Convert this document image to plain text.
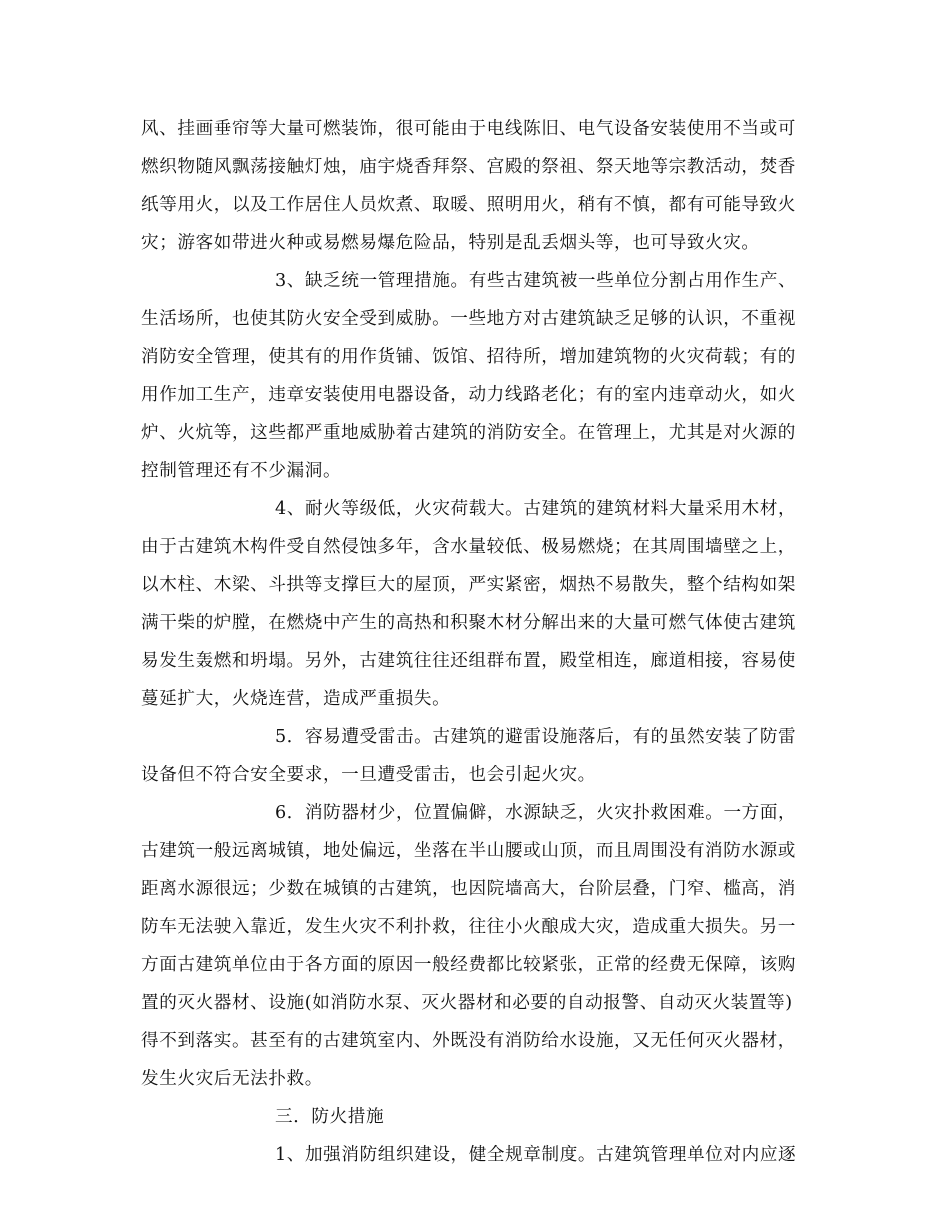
风、挂画垂帘等大量可燃装饰，很可能由于电线陈旧、电气设备安装使用不当或可
燃织物随风飘荡接触灯烛，庙宇烧香拜祭、宫殿的祭祖、祭天地等宗教活动，焚香
纸等用火，以及工作居住人员炊煮、取暖、照明用火，稍有不慎，都有可能导致火
灾；游客如带进火种或易燃易爆危险品，特别是乱丢烟头等，也可导致火灾。
3、缺乏统一管理措施。有些古建筑被一些单位分割占用作生产、
生活场所，也使其防火安全受到威胁。一些地方对古建筑缺乏足够的认识，不重视
消防安全管理，使其有的用作货铺、饭馆、招待所，增加建筑物的火灾荷载；有的
用作加工生产，违章安装使用电器设备，动力线路老化；有的室内违章动火，如火
炉、火炕等，这些都严重地威胁着古建筑的消防安全。在管理上，尤其是对火源的
控制管理还有不少漏洞。
4、耐火等级低，火灾荷载大。古建筑的建筑材料大量采用木材，
由于古建筑木构件受自然侵蚀多年，含水量较低、极易燃烧；在其周围墙壁之上，
以木柱、木梁、斗拱等支撑巨大的屋顶，严实紧密，烟热不易散失，整个结构如架
满干柴的炉膛，在燃烧中产生的高热和积聚木材分解出来的大量可燃气体使古建筑
易发生轰燃和坍塌。另外，古建筑往往还组群布置，殿堂相连，廊道相接，容易使
蔓延扩大，火烧连营，造成严重损失。
5．容易遭受雷击。古建筑的避雷设施落后，有的虽然安装了防雷
设备但不符合安全要求，一旦遭受雷击，也会引起火灾。
6．消防器材少，位置偏僻，水源缺乏，火灾扑救困难。一方面，
古建筑一般远离城镇，地处偏远，坐落在半山腰或山顶，而且周围没有消防水源或
距离水源很远；少数在城镇的古建筑，也因院墙高大，台阶层叠，门窄、槛高，消
防车无法驶入靠近，发生火灾不利扑救，往往小火酿成大灾，造成重大损失。另一
方面古建筑单位由于各方面的原因一般经费都比较紧张，正常的经费无保障，该购
置的灭火器材、设施(如消防水泵、灭火器材和必要的自动报警、自动灭火装置等)
得不到落实。甚至有的古建筑室内、外既没有消防给水设施，又无任何灭火器材，
发生火灾后无法扑救。
三．防火措施
1、加强消防组织建设，健全规章制度。古建筑管理单位对内应逐
